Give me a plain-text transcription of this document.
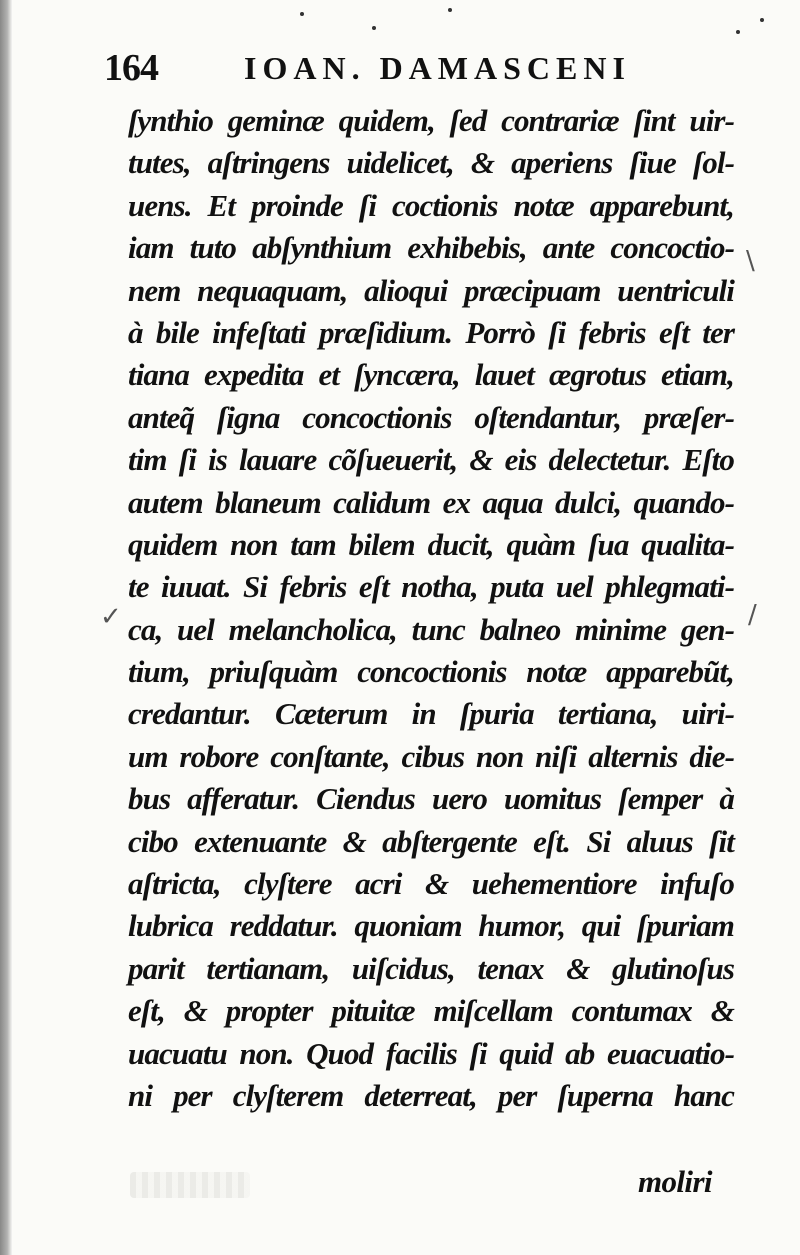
164	IOAN. DAMASCENI
ſynthio geminæ quidem, ſed contrariæ ſint uir-
tutes, aſtringens uidelicet, & aperiens ſiue ſol-
uens. Et proinde ſi coctionis notæ apparebunt,
iam tuto abſynthium exhibebis, ante concoctio-
nem nequaquam, alioqui præcipuam uentriculi
à bile infeſtati præſidium. Porrò ſi febris eſt ter
tiana expedita et ſyncæra, lauet ægrotus etiam,
anteq̃ ſigna concoctionis oſtendantur, præſer-
tim ſi is lauare cõſueuerit, & eis delectetur. Eſto
autem blaneum calidum ex aqua dulci, quando-
quidem non tam bilem ducit, quàm ſua qualita-
te iuuat. Si febris eſt notha, puta uel phlegmati-
ca, uel melancholica, tunc balneo minime gen-
tium, priuſquàm concoctionis notæ apparebũt,
credantur. Cæterum in ſpuria tertiana, uiri-
um robore conſtante, cibus non niſi alternis die-
bus afferatur. Ciendus uero uomitus ſemper à
cibo extenuante & abſtergente eſt. Si aluus ſit
aſtricta, clyſtere acri & uehementiore infuſo
lubrica reddatur. quoniam humor, qui ſpuriam
parit tertianam, uiſcidus, tenax & glutinoſus
eſt, & propter pituitæ miſcellam contumax &
uacuatu non. Quod facilis ſi quid ab euacuatio-
ni per clyſterem deterreat, per ſuperna hanc
moliri
\
✓	/
